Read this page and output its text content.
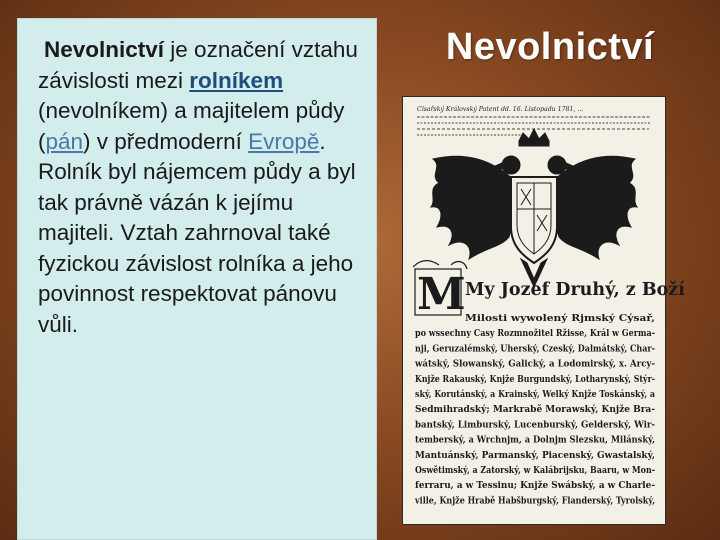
Nevolnictví je označení vztahu závislosti mezi rolníkem (nevolníkem) a majitelem půdy (pán) v předmoderní Evropě. Rolník byl nájemcem půdy a byl tak právně vázán k jejímu majiteli. Vztah zahrnoval také fyzickou závislost rolníka a jeho povinnost respektovat pánovu vůli.

Nevolnictví
Císařský Královský Patent dd. 16. Listopadu 1781, ...
M My Jozef Druhý, z Boží
Milosti wywolený Rjmský Cýsař,
po wssechny Casy Rozmnožitel Ržisse, Král w Germa-
nji, Geruzalémský, Uherský, Czeský, Dalmátský, Char-
wátský, Slowanský, Galický, a Lodomirský, x. Arcy-
Knjže Rakauský, Knjže Burgundský, Lotharynský, Stýr-
ský, Korutánský, a Krainský, Welký Knjže Toskánský, a
Sedmihradský; Markrabě Morawský, Knjže Bra-
bantský, Limburský, Lucenburský, Gelderský, Wir-
temberský, a Wrchnjm, a Dolnjm Slezsku, Milánský,
Mantuánský, Parmanský, Piacenský, Gwastalský,
Oswětimský, a Zatorský, w Kalábrijsku, Baaru, w Mon-
ferraru, a w Tessinu; Knjže Swábský, a w Charle-
ville, Knjže Hrabě Habšburgský, Flanderský, Tyrolský,
